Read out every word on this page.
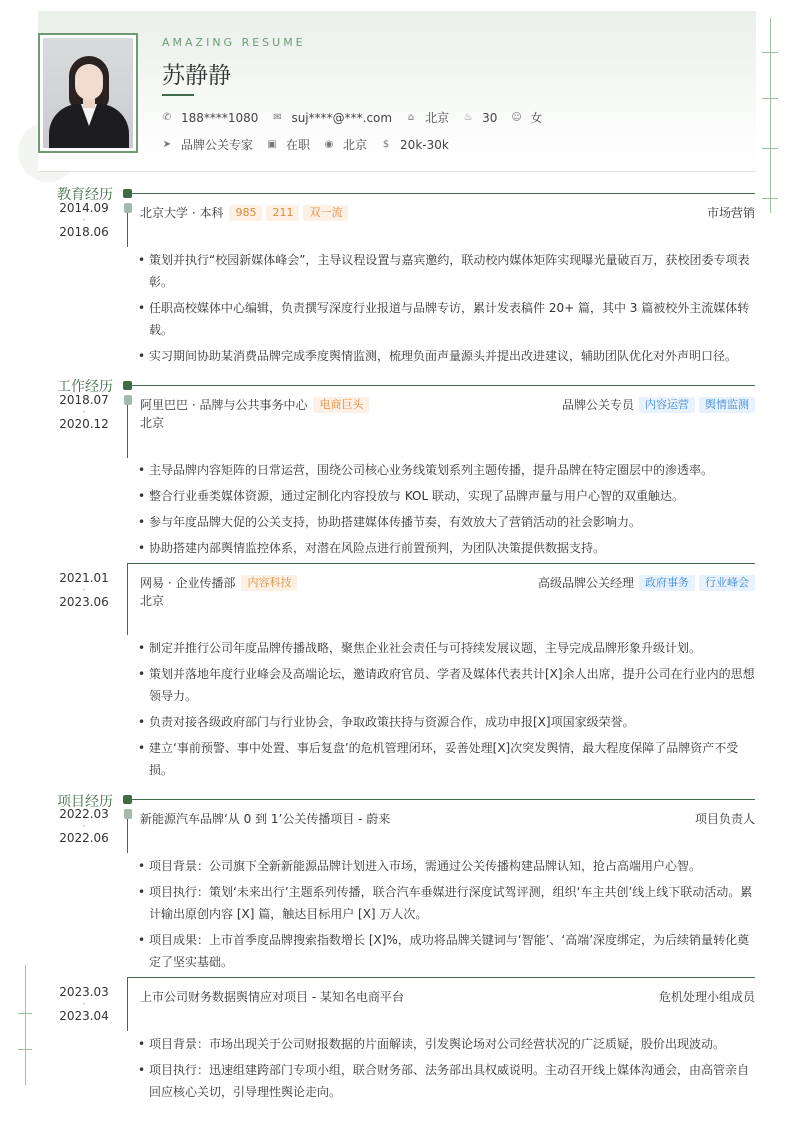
AMAZING RESUME
苏静静
✆ 188****1080 ✉ suj****@***.com ⌂ 北京 ♨ 30 ☺ 女
➤ 品牌公关专家 ▣ 在职 ◉ 北京 $ 20k-30k
教育经历
2014.09
-
2018.06
北京大学 · 本科	985	211	双一流	市场营销
• 策划并执行“校园新媒体峰会”，主导议程设置与嘉宾邀约，联动校内媒体矩阵实现曝光量破百万，获校团委专项表彰。
• 任职高校媒体中心编辑，负责撰写深度行业报道与品牌专访，累计发表稿件 20+ 篇，其中 3 篇被校外主流媒体转载。
• 实习期间协助某消费品牌完成季度舆情监测，梳理负面声量源头并提出改进建议，辅助团队优化对外声明口径。
工作经历
2018.07
-
2020.12
阿里巴巴 · 品牌与公共事务中心	电商巨头	品牌公关专员	内容运营	舆情监测
北京
• 主导品牌内容矩阵的日常运营，围绕公司核心业务线策划系列主题传播，提升品牌在特定圈层中的渗透率。
• 整合行业垂类媒体资源，通过定制化内容投放与 KOL 联动，实现了品牌声量与用户心智的双重触达。
• 参与年度品牌大促的公关支持，协助搭建媒体传播节奏，有效放大了营销活动的社会影响力。
• 协助搭建内部舆情监控体系，对潜在风险点进行前置预判，为团队决策提供数据支持。
2021.01
-
2023.06
网易 · 企业传播部	内容科技	高级品牌公关经理	政府事务	行业峰会
北京
• 制定并推行公司年度品牌传播战略，聚焦企业社会责任与可持续发展议题，主导完成品牌形象升级计划。
• 策划并落地年度行业峰会及高端论坛，邀请政府官员、学者及媒体代表共计[X]余人出席，提升公司在行业内的思想领导力。
• 负责对接各级政府部门与行业协会，争取政策扶持与资源合作，成功申报[X]项国家级荣誉。
• 建立‘事前预警、事中处置、事后复盘’的危机管理闭环，妥善处理[X]次突发舆情，最大程度保障了品牌资产不受损。
项目经历
2022.03
-
2022.06
新能源汽车品牌‘从 0 到 1’公关传播项目 - 蔚来	项目负责人
• 项目背景：公司旗下全新新能源品牌计划进入市场，需通过公关传播构建品牌认知，抢占高端用户心智。
• 项目执行：策划‘未来出行’主题系列传播，联合汽车垂媒进行深度试驾评测，组织‘车主共创’线上线下联动活动。累计输出原创内容 [X] 篇，触达目标用户 [X] 万人次。
• 项目成果：上市首季度品牌搜索指数增长 [X]%，成功将品牌关键词与‘智能’、‘高端’深度绑定，为后续销量转化奠定了坚实基础。
2023.03
-
2023.04
上市公司财务数据舆情应对项目 - 某知名电商平台	危机处理小组成员
• 项目背景：市场出现关于公司财报数据的片面解读，引发舆论场对公司经营状况的广泛质疑，股价出现波动。
• 项目执行：迅速组建跨部门专项小组，联合财务部、法务部出具权威说明。主动召开线上媒体沟通会，由高管亲自回应核心关切，引导理性舆论走向。
